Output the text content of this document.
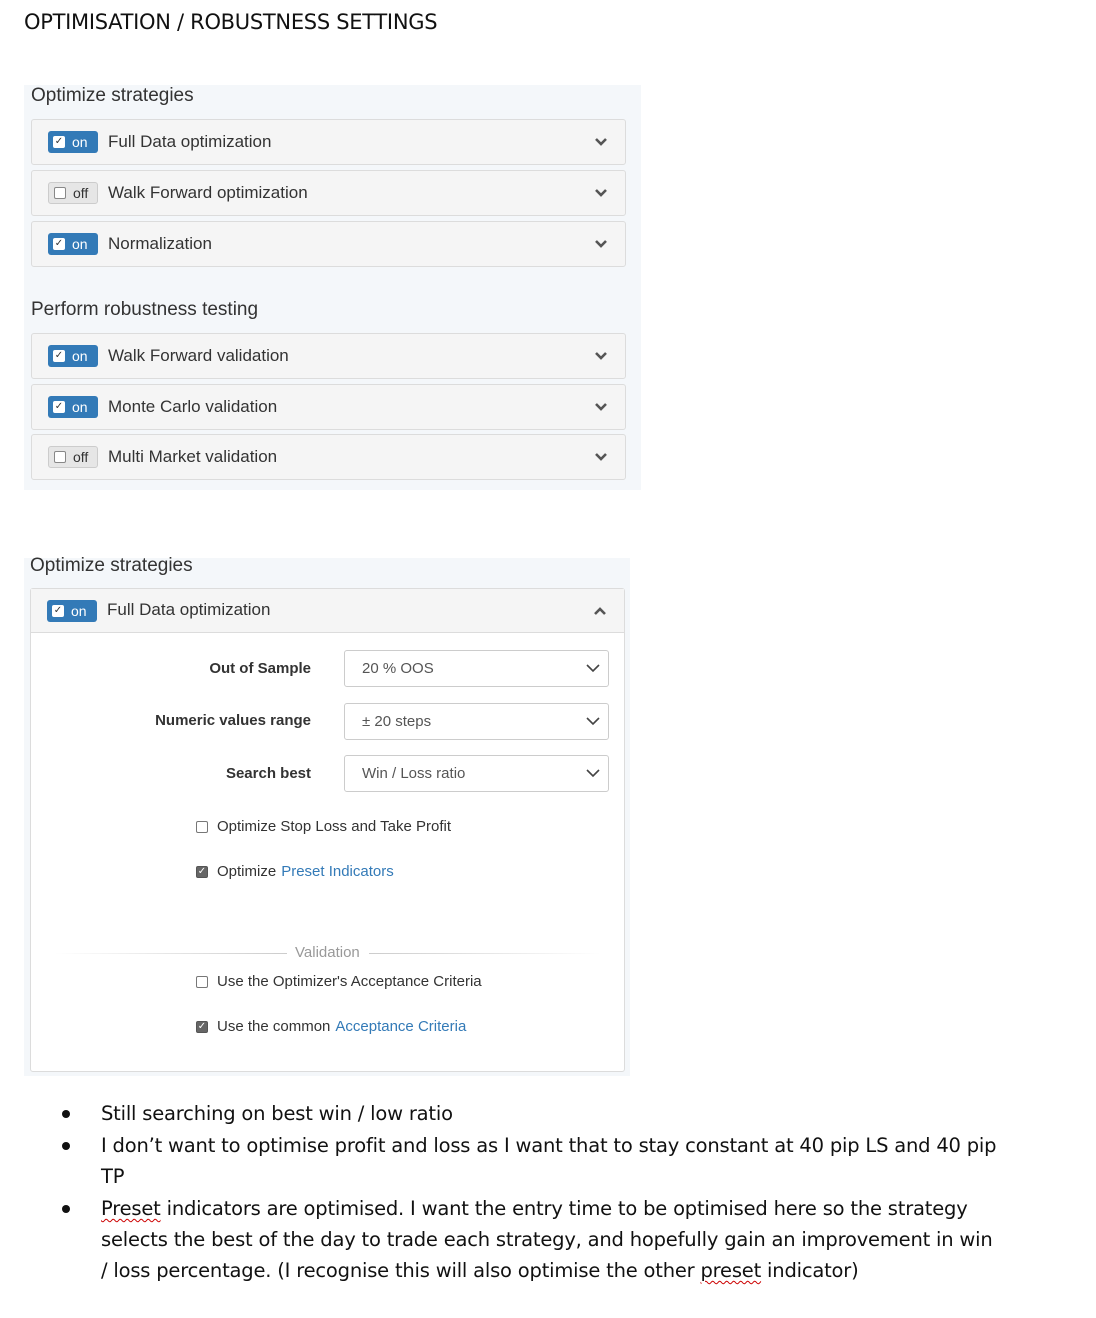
OPTIMISATION / ROBUSTNESS SETTINGS
Optimize strategies
✓ on Full Data optimization
off Walk Forward optimization
✓ on Normalization
Perform robustness testing
✓ on Walk Forward validation
✓ on Monte Carlo validation
off Multi Market validation
Optimize strategies
✓ on Full Data optimization
Out of Sample	20 % OOS
Numeric values range	± 20 steps
Search best	Win / Loss ratio
Optimize Stop Loss and Take Profit
✓ Optimize Preset Indicators
Validation
Use the Optimizer's Acceptance Criteria
✓ Use the common Acceptance Criteria
Still searching on best win / low ratio
I don’t want to optimise profit and loss as I want that to stay constant at 40 pip LS and 40 pip
TP
Preset indicators are optimised. I want the entry time to be optimised here so the strategy
selects the best of the day to trade each strategy, and hopefully gain an improvement in win
/ loss percentage. (I recognise this will also optimise the other preset indicator)
